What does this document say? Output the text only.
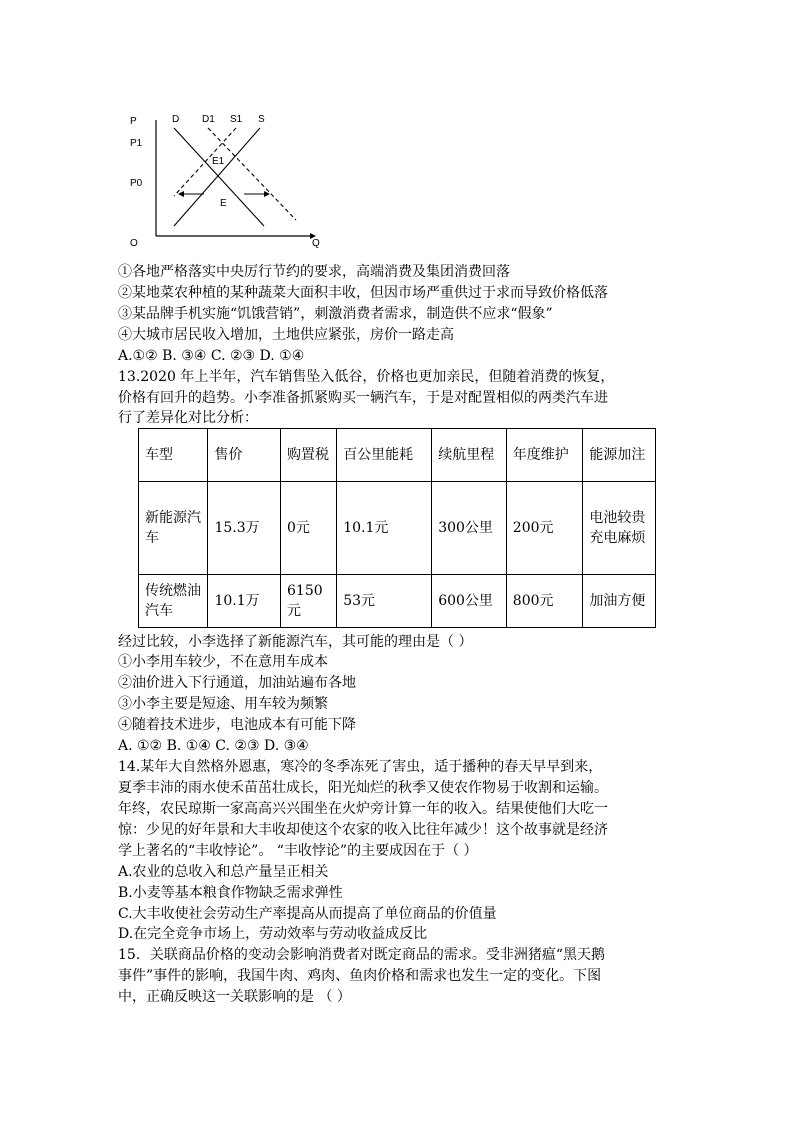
P
P1
P0
O	Q
D D1 S1 S
E1
E
①各地严格落实中央厉行节约的要求，高端消费及集团消费回落
②某地菜农种植的某种蔬菜大面积丰收，但因市场严重供过于求而导致价格低落
③某品牌手机实施“饥饿营销”，刺激消费者需求，制造供不应求“假象”
④大城市居民收入增加，土地供应紧张，房价一路走高
A.①② B. ③④ C. ②③ D. ①④
13.2020 年上半年，汽车销售坠入低谷，价格也更加亲民，但随着消费的恢复，
价格有回升的趋势。小李准备抓紧购买一辆汽车，于是对配置相似的两类汽车进
行了差异化对比分析：
车型	售价	购置税	百公里能耗	续航里程	年度维护	能源加注
新能源汽车	15.3万	0元	10.1元	300公里	200元	电池较贵充电麻烦
传统燃油汽车	10.1万	6150元	53元	600公里	800元	加油方便
经过比较，小李选择了新能源汽车，其可能的理由是（ ）
①小李用车较少，不在意用车成本
②油价进入下行通道，加油站遍布各地
③小李主要是短途、用车较为频繁
④随着技术进步，电池成本有可能下降
A. ①② B. ①④ C. ②③ D. ③④
14.某年大自然格外恩惠，寒冷的冬季冻死了害虫，适于播种的春天早早到来，
夏季丰沛的雨水使禾苗茁壮成长，阳光灿烂的秋季又使农作物易于收割和运输。
年终，农民琼斯一家高高兴兴围坐在火炉旁计算一年的收入。结果使他们大吃一
惊：少见的好年景和大丰收却使这个农家的收入比往年减少！这个故事就是经济
学上著名的“丰收悖论”。 “丰收悖论”的主要成因在于（ ）
A.农业的总收入和总产量呈正相关
B.小麦等基本粮食作物缺乏需求弹性
C.大丰收使社会劳动生产率提高从而提高了单位商品的价值量
D.在完全竞争市场上，劳动效率与劳动收益成反比
15．关联商品价格的变动会影响消费者对既定商品的需求。受非洲猪瘟“黑天鹅
事件”事件的影响，我国牛肉、鸡肉、鱼肉价格和需求也发生一定的变化。下图
中，正确反映这一关联影响的是 （ ）
